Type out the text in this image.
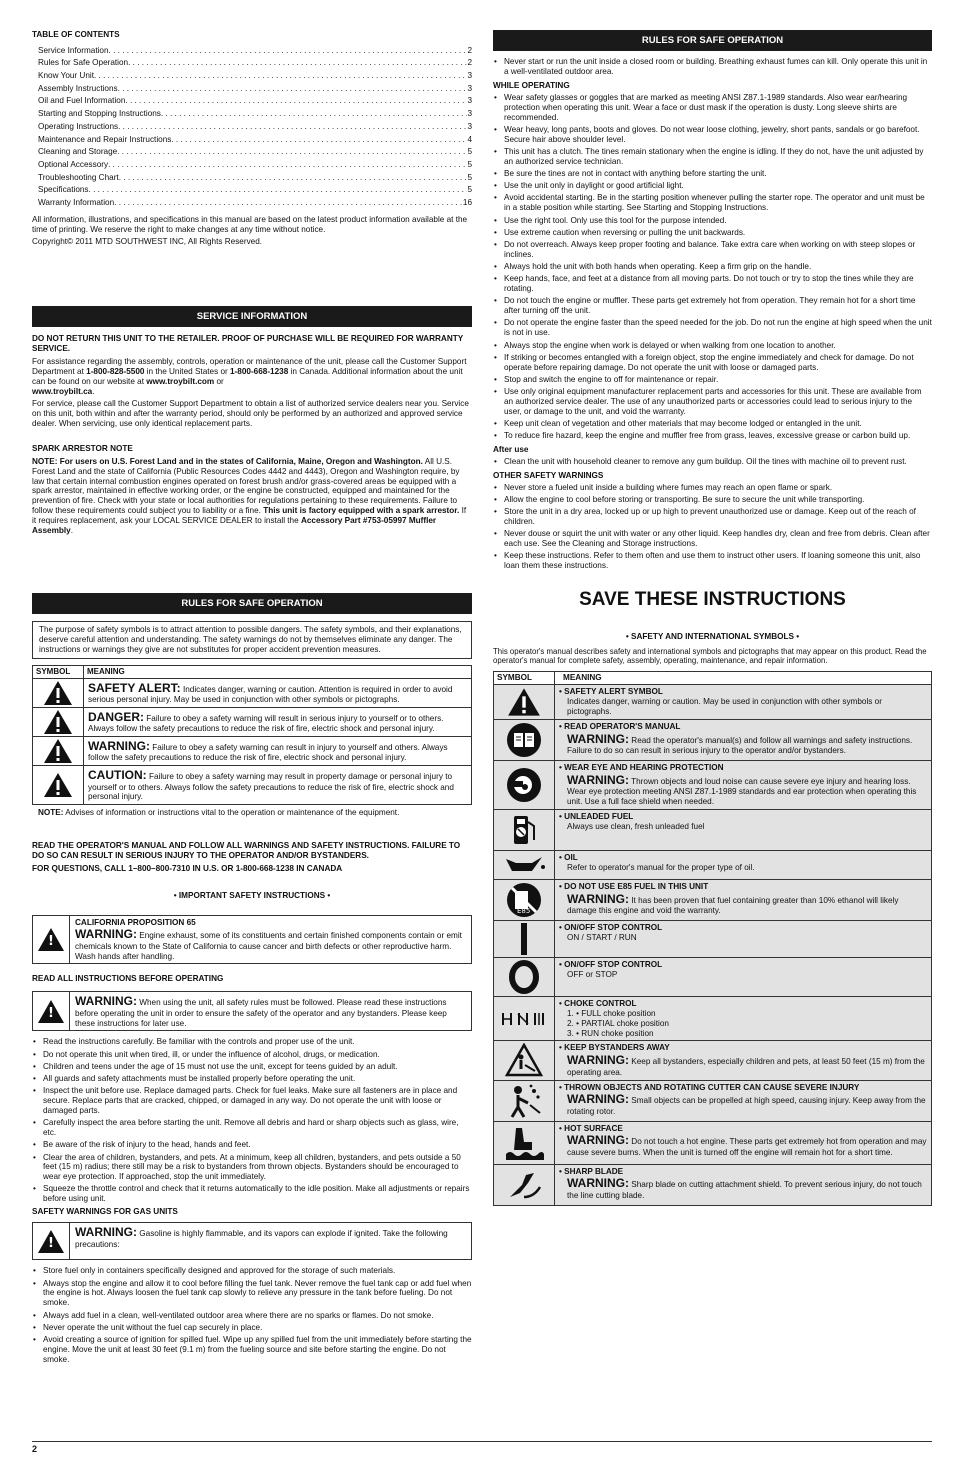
TABLE OF CONTENTS
Service Information . . .	2
Rules for Safe Operation . . .	2
Know Your Unit . . .	3
Assembly Instructions . . .	3
Oil and Fuel Information . . .	3
Starting and Stopping Instructions . . .	3
Operating Instructions . . .	3
Maintenance and Repair Instructions . . .	4
Cleaning and Storage . . .	5
Optional Accessory . . .	5
Troubleshooting Chart . . .	5
Specifications . . .	5
Warranty Information . . .	16

All information, illustrations, and specifications in this manual are based on the latest product information available at the time of printing. We reserve the right to make changes at any time without notice.

Copyright© 2011 MTD SOUTHWEST INC, All Rights Reserved.

SERVICE INFORMATION

DO NOT RETURN THIS UNIT TO THE RETAILER. PROOF OF PURCHASE WILL BE REQUIRED FOR WARRANTY SERVICE.

For assistance regarding the assembly, controls, operation or maintenance of the unit, please call the Customer Support Department at 1-800-828-5500 in the United States or 1-800-668-1238 in Canada. Additional information about the unit can be found on our website at www.troybilt.com or
www.troybilt.ca.

For service, please call the Customer Support Department to obtain a list of authorized service dealers near you. Service on this unit, both within and after the warranty period, should only be performed by an authorized and approved service dealer. When servicing, use only identical replacement parts.

SPARK ARRESTOR NOTE

NOTE: For users on U.S. Forest Land and in the states of California, Maine, Oregon and Washington. All U.S. Forest Land and the state of California (Public Resources Codes 4442 and 4443), Oregon and Washington require, by law that certain internal combustion engines operated on forest brush and/or grass-covered areas be equipped with a spark arrestor, maintained in effective working order, or the engine be constructed, equipped and maintained for the prevention of fire. Check with your state or local authorities for regulations pertaining to these requirements. Failure to follow these requirements could subject you to liability or a fine. This unit is factory equipped with a spark arrestor. If it requires replacement, ask your LOCAL SERVICE DEALER to install the Accessory Part #753-05997 Muffler Assembly.

RULES FOR SAFE OPERATION
The purpose of safety symbols is to attract attention to possible dangers. The safety symbols, and their explanations, deserve careful attention and understanding. The safety warnings do not by themselves eliminate any danger. The instructions or warnings they give are not substitutes for proper accident prevention measures.
SYMBOL	MEANING

	SAFETY ALERT: Indicates danger, warning or caution. Attention is required in order to avoid serious personal injury. May be used in conjunction with other symbols or pictographs.

	DANGER: Failure to obey a safety warning will result in serious injury to yourself or to others. Always follow the safety precautions to reduce the risk of fire, electric shock and personal injury.

	WARNING: Failure to obey a safety warning can result in injury to yourself and others. Always follow the safety precautions to reduce the risk of fire, electric shock and personal injury.

	CAUTION: Failure to obey a safety warning may result in property damage or personal injury to yourself or to others. Always follow the safety precautions to reduce the risk of fire, electric shock and personal injury.

NOTE: Advises of information or instructions vital to the operation or maintenance of the equipment.

READ THE OPERATOR'S MANUAL AND FOLLOW ALL WARNINGS AND SAFETY INSTRUCTIONS. FAILURE TO DO SO CAN RESULT IN SERIOUS INJURY TO THE OPERATOR AND/OR BYSTANDERS.

FOR QUESTIONS, CALL 1–800–800-7310 IN U.S. OR 1-800-668-1238 IN CANADA

• IMPORTANT SAFETY INSTRUCTIONS •

!
CALIFORNIA PROPOSITION 65
WARNING: Engine exhaust, some of its constituents and certain finished components contain or emit chemicals known to the State of California to cause cancer and birth defects or other reproductive harm. Wash hands after handling.
READ ALL INSTRUCTIONS BEFORE OPERATING
!
WARNING: When using the unit, all safety rules must be followed. Please read these instructions before operating the unit in order to ensure the safety of the operator and any bystanders. Please keep these instructions for later use.
• Read the instructions carefully. Be familiar with the controls and proper use of the unit.
• Do not operate this unit when tired, ill, or under the influence of alcohol, drugs, or medication.
• Children and teens under the age of 15 must not use the unit, except for teens guided by an adult.
• All guards and safety attachments must be installed properly before operating the unit.
• Inspect the unit before use. Replace damaged parts. Check for fuel leaks. Make sure all fasteners are in place and secure. Replace parts that are cracked, chipped, or damaged in any way. Do not operate the unit with loose or damaged parts.
• Carefully inspect the area before starting the unit. Remove all debris and hard or sharp objects such as glass, wire, etc.
• Be aware of the risk of injury to the head, hands and feet.
• Clear the area of children, bystanders, and pets. At a minimum, keep all children, bystanders, and pets outside a 50 feet (15 m) radius; there still may be a risk to bystanders from thrown objects. Bystanders should be encouraged to wear eye protection. If approached, stop the unit immediately.
• Squeeze the throttle control and check that it returns automatically to the idle position. Make all adjustments or repairs before using unit.
SAFETY WARNINGS FOR GAS UNITS
!
WARNING: Gasoline is highly flammable, and its vapors can explode if ignited. Take the following precautions:
• Store fuel only in containers specifically designed and approved for the storage of such materials.
• Always stop the engine and allow it to cool before filling the fuel tank. Never remove the fuel tank cap or add fuel when the engine is hot. Always loosen the fuel tank cap slowly to relieve any pressure in the tank before fueling. Do not smoke.
• Always add fuel in a clean, well-ventilated outdoor area where there are no sparks or flames. Do not smoke.
• Never operate the unit without the fuel cap securely in place.
• Avoid creating a source of ignition for spilled fuel. Wipe up any spilled fuel from the unit immediately before starting the engine. Move the unit at least 30 feet (9.1 m) from the fueling source and site before starting the engine. Do not smoke.
RULES FOR SAFE OPERATION
• Never start or run the unit inside a closed room or building. Breathing exhaust fumes can kill. Only operate this unit in a well-ventilated outdoor area.
WHILE OPERATING
• Wear safety glasses or goggles that are marked as meeting ANSI Z87.1-1989 standards. Also wear ear/hearing protection when operating this unit. Wear a face or dust mask if the operation is dusty. Long sleeve shirts are recommended.
• Wear heavy, long pants, boots and gloves. Do not wear loose clothing, jewelry, short pants, sandals or go barefoot. Secure hair above shoulder level.
• This unit has a clutch. The tines remain stationary when the engine is idling. If they do not, have the unit adjusted by an authorized service technician.
• Be sure the tines are not in contact with anything before starting the unit.
• Use the unit only in daylight or good artificial light.
• Avoid accidental starting. Be in the starting position whenever pulling the starter rope. The operator and unit must be in a stable position while starting. See Starting and Stopping Instructions.
• Use the right tool. Only use this tool for the purpose intended.
• Use extreme caution when reversing or pulling the unit backwards.
• Do not overreach. Always keep proper footing and balance. Take extra care when working on with steep slopes or inclines.
• Always hold the unit with both hands when operating. Keep a firm grip on the handle.
• Keep hands, face, and feet at a distance from all moving parts. Do not touch or try to stop the tines while they are rotating.
• Do not touch the engine or muffler. These parts get extremely hot from operation. They remain hot for a short time after turning off the unit.
• Do not operate the engine faster than the speed needed for the job. Do not run the engine at high speed when the unit is not in use.
• Always stop the engine when work is delayed or when walking from one location to another.
• If striking or becomes entangled with a foreign object, stop the engine immediately and check for damage. Do not operate before repairing damage. Do not operate the unit with loose or damaged parts.
• Stop and switch the engine to off for maintenance or repair.
• Use only original equipment manufacturer replacement parts and accessories for this unit. These are available from an authorized service dealer. The use of any unauthorized parts or accessories could lead to serious injury to the user, or damage to the unit, and void the warranty.
• Keep unit clean of vegetation and other materials that may become lodged or entangled in the unit.
• To reduce fire hazard, keep the engine and muffler free from grass, leaves, excessive grease or carbon build up.
After use
• Clean the unit with household cleaner to remove any gum buildup. Oil the tines with machine oil to prevent rust.
OTHER SAFETY WARNINGS
• Never store a fueled unit inside a building where fumes may reach an open flame or spark.
• Allow the engine to cool before storing or transporting. Be sure to secure the unit while transporting.
• Store the unit in a dry area, locked up or up high to prevent unauthorized use or damage. Keep out of the reach of children.
• Never douse or squirt the unit with water or any other liquid. Keep handles dry, clean and free from debris. Clean after each use. See the Cleaning and Storage instructions.
• Keep these instructions. Refer to them often and use them to instruct other users. If loaning someone this unit, also loan them these instructions.
SAVE THESE INSTRUCTIONS
• SAFETY AND INTERNATIONAL SYMBOLS •

This operator's manual describes safety and international symbols and pictographs that may appear on this product. Read the operator's manual for complete safety, assembly, operating, maintenance, and repair information.

SYMBOL	MEANING

• SAFETY ALERT SYMBOL
Indicates danger, warning or caution. May be used in conjunction with other symbols or pictographs.

• READ OPERATOR'S MANUAL
WARNING: Read the operator's manual(s) and follow all warnings and safety instructions. Failure to do so can result in serious injury to the operator and/or bystanders.

• WEAR EYE AND HEARING PROTECTION
WARNING: Thrown objects and loud noise can cause severe eye injury and hearing loss. Wear eye protection meeting ANSI Z87.1-1989 standards and ear protection when operating this unit. Use a full face shield when needed.

• UNLEADED FUEL
Always use clean, fresh unleaded fuel

• OIL
Refer to operator's manual for the proper type of oil.

E85	• DO NOT USE E85 FUEL IN THIS UNIT
WARNING: It has been proven that fuel containing greater than 10% ethanol will likely damage this engine and void the warranty.

• ON/OFF STOP CONTROL
ON / START / RUN

• ON/OFF STOP CONTROL
OFF or STOP

• CHOKE CONTROL
1. • FULL choke position
2. • PARTIAL choke position
3. • RUN choke position

• KEEP BYSTANDERS AWAY
WARNING: Keep all bystanders, especially children and pets, at least 50 feet (15 m) from the operating area.

• THROWN OBJECTS AND ROTATING CUTTER CAN CAUSE SEVERE INJURY
WARNING: Small objects can be propelled at high speed, causing injury. Keep away from the rotating rotor.

• HOT SURFACE
WARNING: Do not touch a hot engine. These parts get extremely hot from operation and may cause severe burns. When the unit is turned off the engine will remain hot for a short time.

• SHARP BLADE
WARNING: Sharp blade on cutting attachment shield. To prevent serious injury, do not touch the line cutting blade.
2
